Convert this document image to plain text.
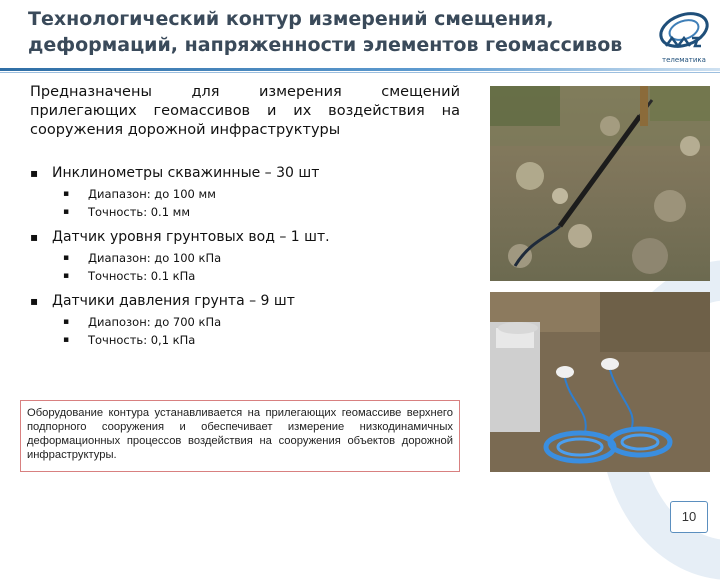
Технологический контур измерений смещения,
деформаций, напряженности элементов геомассивов
телематика
Предназначены для измерения смещений прилегающих геомассивов и их воздействия на сооружения дорожной инфраструктуры
▪ Инклинометры скважинные – 30 шт
▪ Диапазон: до 100 мм
▪ Точность: 0.1 мм
▪ Датчик уровня грунтовых вод – 1 шт.
▪ Диапазон: до 100 кПа
▪ Точность: 0.1 кПа
▪ Датчики давления грунта – 9 шт
▪ Диапозон: до 700 кПа
▪ Точность: 0,1 кПа
Оборудование контура устанавливается на прилегающих геомассиве верхнего подпорного сооружения и обеспечивает измерение низкодинамичных деформационных процессов воздействия на сооружения объектов дорожной инфраструктуры.
10
